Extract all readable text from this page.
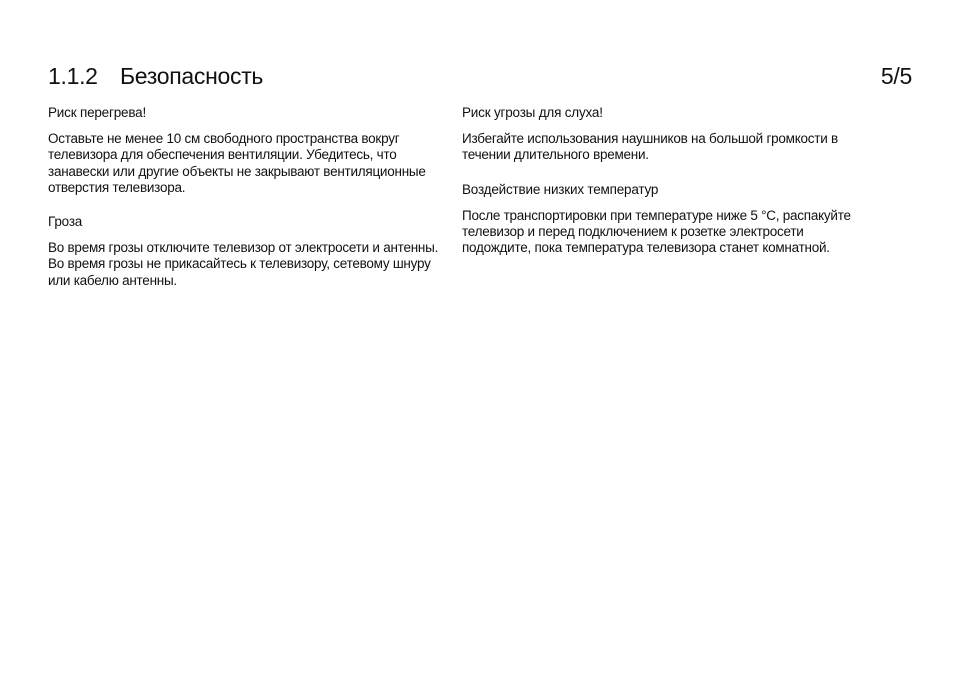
1.1.2 Безопасность	5/5

Риск перегрева!

Оставьте не менее 10 см свободного пространства вокруг телевизора для обеспечения вентиляции. Убедитесь, что занавески или другие объекты не закрывают вентиляционные отверстия телевизора.

Гроза

Во время грозы отключите телевизор от электросети и антенны. Во время грозы не прикасайтесь к телевизору, сетевому шнуру или кабелю антенны.

Риск угрозы для слуха!

Избегайте использования наушников на большой громкости в течении длительного времени.

Воздействие низких температур

После транспортировки при температуре ниже 5 °C, распакуйте телевизор и перед подключением к розетке электросети подождите, пока температура телевизора станет комнатной.
